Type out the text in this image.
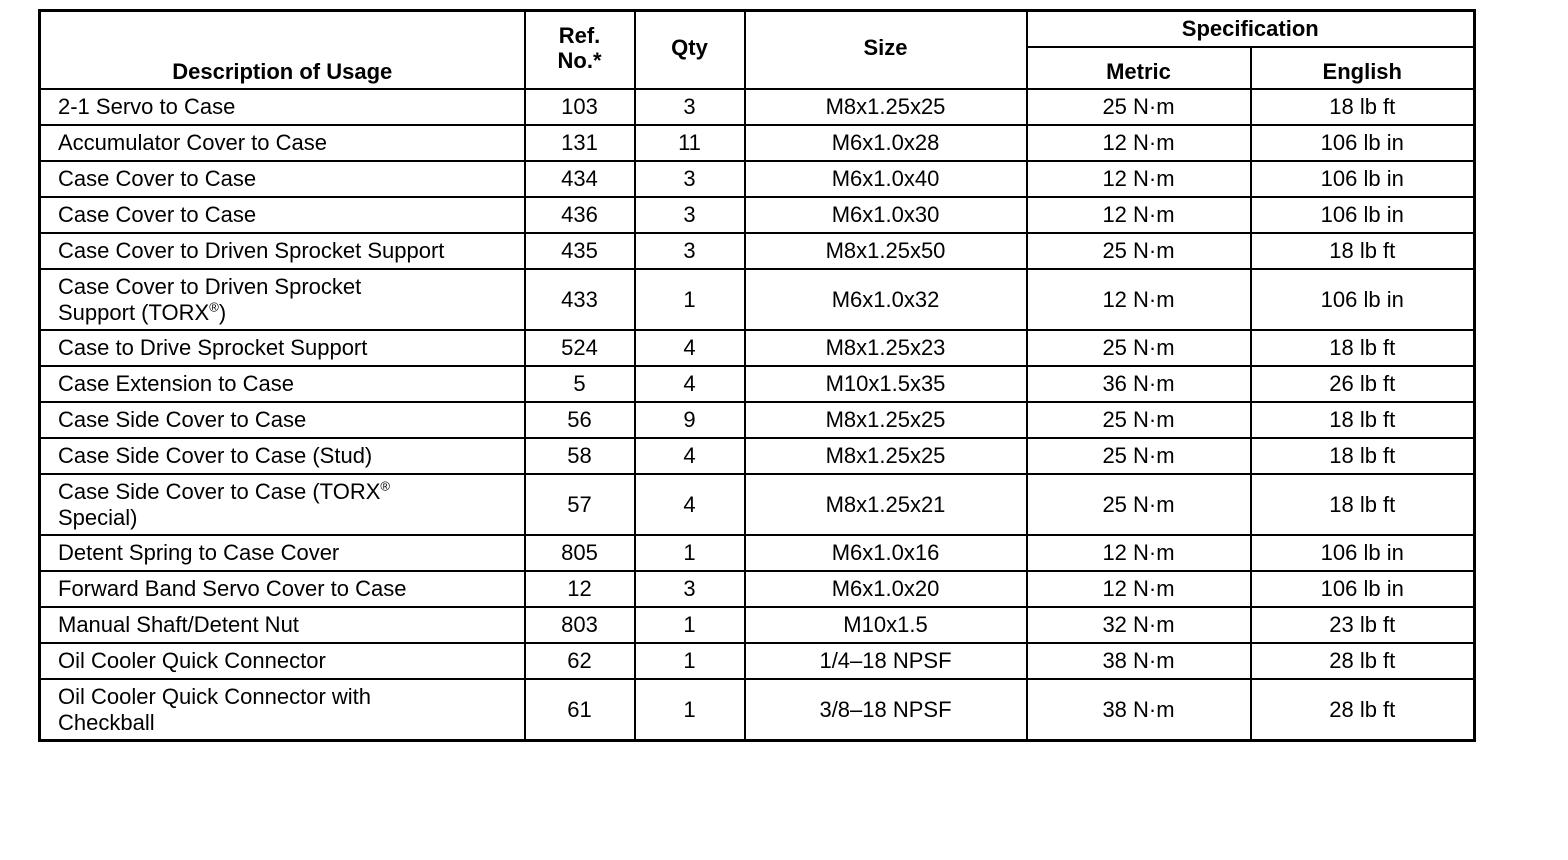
Description of Usage	Ref. No.*	Qty	Size	Specification	
				Metric	English
2-1 Servo to Case	103	3	M8x1.25x25	25 N·m	18 lb ft
Accumulator Cover to Case	131	11	M6x1.0x28	12 N·m	106 lb in
Case Cover to Case	434	3	M6x1.0x40	12 N·m	106 lb in
Case Cover to Case	436	3	M6x1.0x30	12 N·m	106 lb in
Case Cover to Driven Sprocket Support	435	3	M8x1.25x50	25 N·m	18 lb ft
Case Cover to Driven Sprocket
Support (TORX®)	433	1	M6x1.0x32	12 N·m	106 lb in
Case to Drive Sprocket Support	524	4	M8x1.25x23	25 N·m	18 lb ft
Case Extension to Case	5	4	M10x1.5x35	36 N·m	26 lb ft
Case Side Cover to Case	56	9	M8x1.25x25	25 N·m	18 lb ft
Case Side Cover to Case (Stud)	58	4	M8x1.25x25	25 N·m	18 lb ft
Case Side Cover to Case (TORX®
Special)	57	4	M8x1.25x21	25 N·m	18 lb ft
Detent Spring to Case Cover	805	1	M6x1.0x16	12 N·m	106 lb in
Forward Band Servo Cover to Case	12	3	M6x1.0x20	12 N·m	106 lb in
Manual Shaft/Detent Nut	803	1	M10x1.5	32 N·m	23 lb ft
Oil Cooler Quick Connector	62	1	1/4–18 NPSF	38 N·m	28 lb ft
Oil Cooler Quick Connector with
Checkball	61	1	3/8–18 NPSF	38 N·m	28 lb ft
